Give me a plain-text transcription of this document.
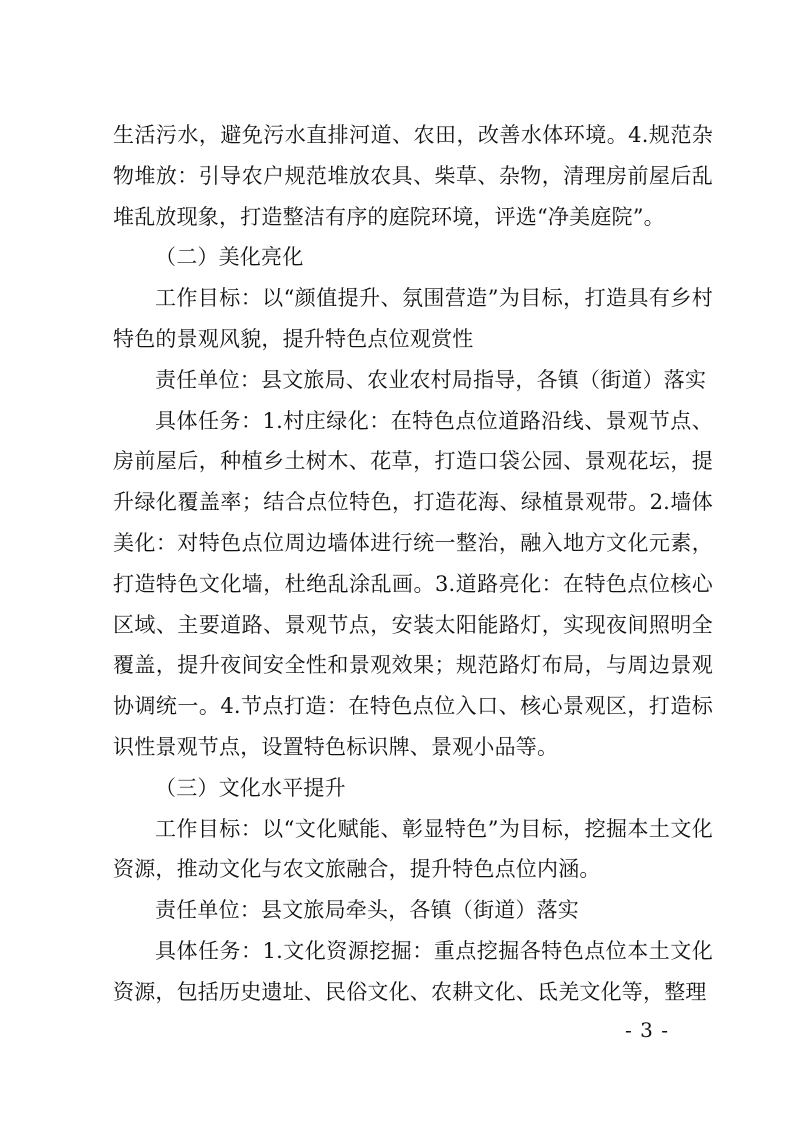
生活污水，避免污水直排河道、农田，改善水体环境。4.规范杂物堆放：引导农户规范堆放农具、柴草、杂物，清理房前屋后乱堆乱放现象，打造整洁有序的庭院环境，评选“净美庭院”。

（二）美化亮化

工作目标：以“颜值提升、氛围营造”为目标，打造具有乡村特色的景观风貌，提升特色点位观赏性

责任单位：县文旅局、农业农村局指导，各镇（街道）落实

具体任务：1.村庄绿化：在特色点位道路沿线、景观节点、房前屋后，种植乡土树木、花草，打造口袋公园、景观花坛，提升绿化覆盖率；结合点位特色，打造花海、绿植景观带。2.墙体美化：对特色点位周边墙体进行统一整治，融入地方文化元素，打造特色文化墙，杜绝乱涂乱画。3.道路亮化：在特色点位核心区域、主要道路、景观节点，安装太阳能路灯，实现夜间照明全覆盖，提升夜间安全性和景观效果；规范路灯布局，与周边景观协调统一。4.节点打造：在特色点位入口、核心景观区，打造标识性景观节点，设置特色标识牌、景观小品等。

（三）文化水平提升

工作目标：以“文化赋能、彰显特色”为目标，挖掘本土文化资源，推动文化与农文旅融合，提升特色点位内涵。

责任单位：县文旅局牵头，各镇（街道）落实

具体任务：1.文化资源挖掘：重点挖掘各特色点位本土文化资源，包括历史遗址、民俗文化、农耕文化、氐羌文化等，整理

- 3 -
